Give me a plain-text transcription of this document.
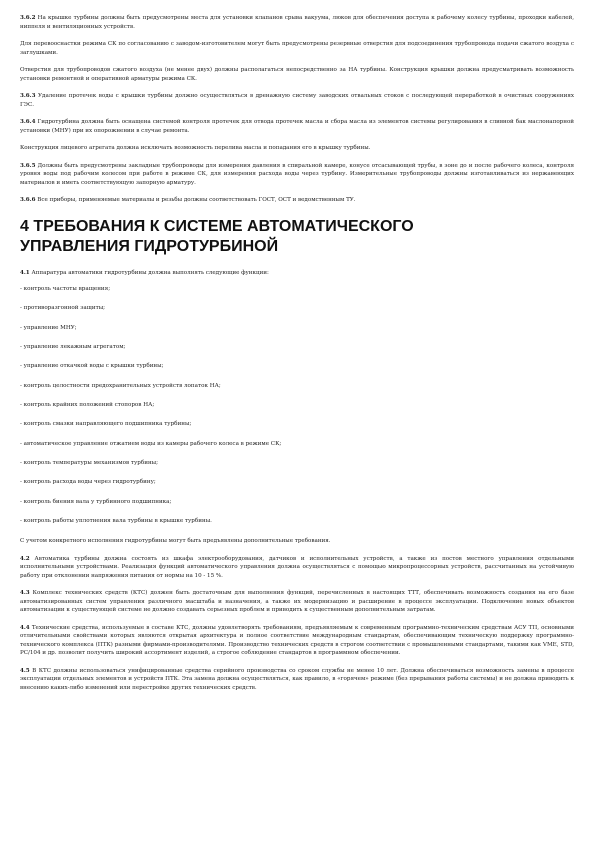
3.6.2 На крышке турбины должны быть предусмотрены места для установки клапанов срыва вакуума, люков для обеспечения доступа к рабочему колесу турбины, проходки кабелей, ниппеля и вентиляционных устройств.

Для перевооснастки режима СК по согласованию с заводом-изготовителем могут быть предусмотрены резервные отверстия для подсоединения трубопровода подачи сжатого воздуха с заглушками.

Отверстия для трубопроводов сжатого воздуха (не менее двух) должны располагаться непосредственно за НА турбины. Конструкция крышки должна предусматривать возможность установки ремонтной и оперативной арматуры режима СК.

3.6.3 Удаление протечек воды с крышки турбины должно осуществляться в дренажную систему заводских отвальных стоков с последующей переработкой в очистных сооружениях ГЭС.

3.6.4 Гидротурбина должна быть оснащена системой контроля протечек для отвода протечек масла и сбора масла из элементов системы регулирования в сливной бак маслонапорной установки (МНУ) при их опорожнении в случае ремонта.

Конструкция лицевого агрегата должна исключать возможность перелива масла и попадания его в крышку турбины.

3.6.5 Должны быть предусмотрены закладные трубопроводы для измерения давления в спиральной камере, конусе отсасывающей трубы, в зоне до и после рабочего колеса, контроля уровня воды под рабочим колесом при работе в режиме СК, для измерения расхода воды через турбину. Измерительные трубопроводы должны изготавливаться из нержавеющих материалов и иметь соответствующую запорную арматуру.

3.6.6 Все приборы, применяемые материалы и резьбы должны соответствовать ГОСТ, ОСТ и ведомственным ТУ.

4 ТРЕБОВАНИЯ К СИСТЕМЕ АВТОМАТИЧЕСКОГО
УПРАВЛЕНИЯ ГИДРОТУРБИНОЙ

4.1 Аппаратура автоматики гидротурбины должна выполнять следующие функции:

- контроль частоты вращения;

- противоразгонной защиты;

- управление МНУ;

- управление лекажным агрегатом;

- управление откачкой воды с крышки турбины;

- контроль целостности предохранительных устройств лопаток НА;

- контроль крайних положений стопоров НА;

- контроль смазки направляющего подшипника турбины;

- автоматическое управление отжатием воды из камеры рабочего колеса в режиме СК;

- контроль температуры механизмов турбины;

- контроль расхода воды через гидротурбину;

- контроль биения вала у турбинного подшипника;

- контроль работы уплотнения вала турбины в крышке турбины.

С учетом конкретного исполнения гидротурбины могут быть предъявлены дополнительные требования.

4.2 Автоматика турбины должна состоять из шкафа электрооборудования, датчиков и исполнительных устройств, а также из постов местного управления отдельными исполнительными устройствами. Реализация функций автоматического управления должна осуществляться с помощью микропроцессорных устройств, рассчитанных на устойчивую работу при отклонении напряжения питания от нормы на 10 - 15 %.

4.3 Комплекс технических средств (КТС) должен быть достаточным для выполнения функций, перечисленных в настоящих ТТТ, обеспечивать возможность создания на его базе автоматизированных систем управления различного масштаба и назначения, а также их модернизацию и расширение в процессе эксплуатации. Подключение новых объектов автоматизации к существующей системе не должно создавать серьезных проблем и приводить к существенным дополнительным затратам.

4.4 Технические средства, используемые в составе КТС, должны удовлетворять требованиям, предъявляемым к современным программно-техническим средствам АСУ ТП, основными отличительными свойствами которых являются открытая архитектура и полное соответствие международным стандартам, обеспечивающим техническую поддержку программно-технического комплекса (ПТК) разными фирмами-производителями. Производство технических средств в строгом соответствии с промышленными стандартами, такими как VME, STD, PC/104 и др. позволит получить широкий ассортимент изделий, а строгое соблюдение стандартов в программном обеспечении.

4.5 В КТС должны использоваться унифицированные средства серийного производства со сроком службы не менее 10 лет. Должна обеспечиваться возможность замены в процессе эксплуатации отдельных элементов и устройств ПТК. Эта замена должна осуществляться, как правило, в «горячем» режиме (без прерывания работы системы) и не должна приводить к внесению каких-либо изменений или перестройке других технических средств.
